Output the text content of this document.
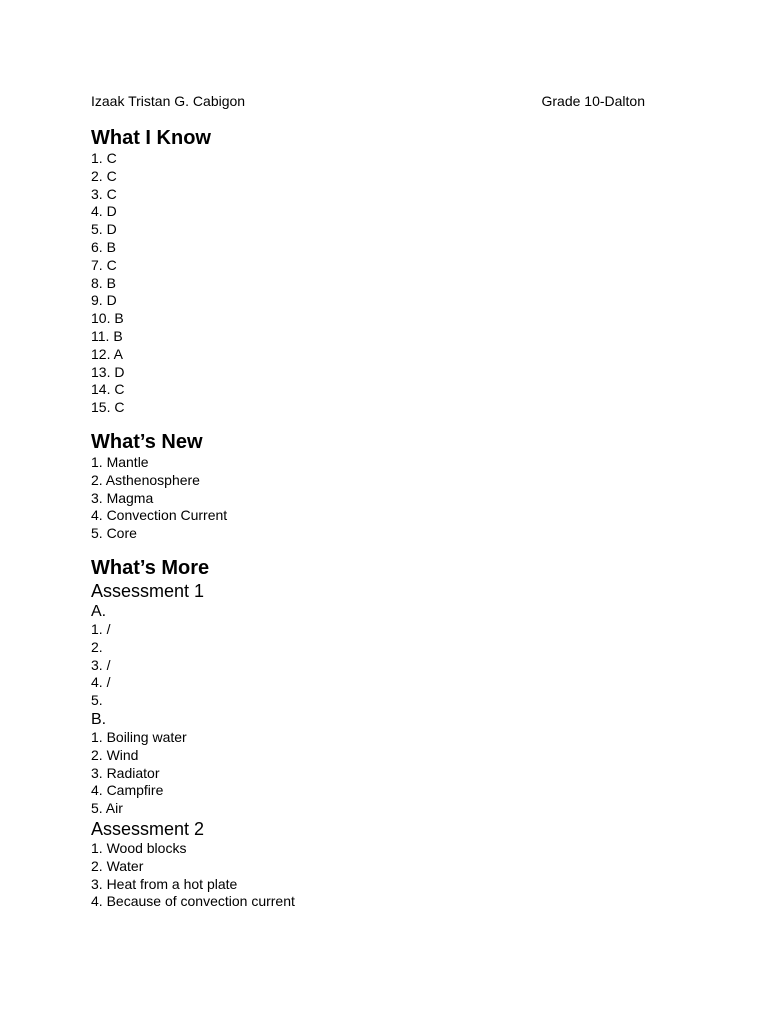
Izaak Tristan G. Cabigon	Grade 10-Dalton
What I Know
1. C
2. C
3. C
4. D
5. D
6. B
7. C
8. B
9. D
10. B
11. B
12. A
13. D
14. C
15. C
What’s New
1. Mantle
2. Asthenosphere
3. Magma
4. Convection Current
5. Core
What’s More
Assessment 1
A.
1. /
2.
3. /
4. /
5.
B.
1. Boiling water
2. Wind
3. Radiator
4. Campfire
5. Air
Assessment 2
1. Wood blocks
2. Water
3. Heat from a hot plate
4. Because of convection current
